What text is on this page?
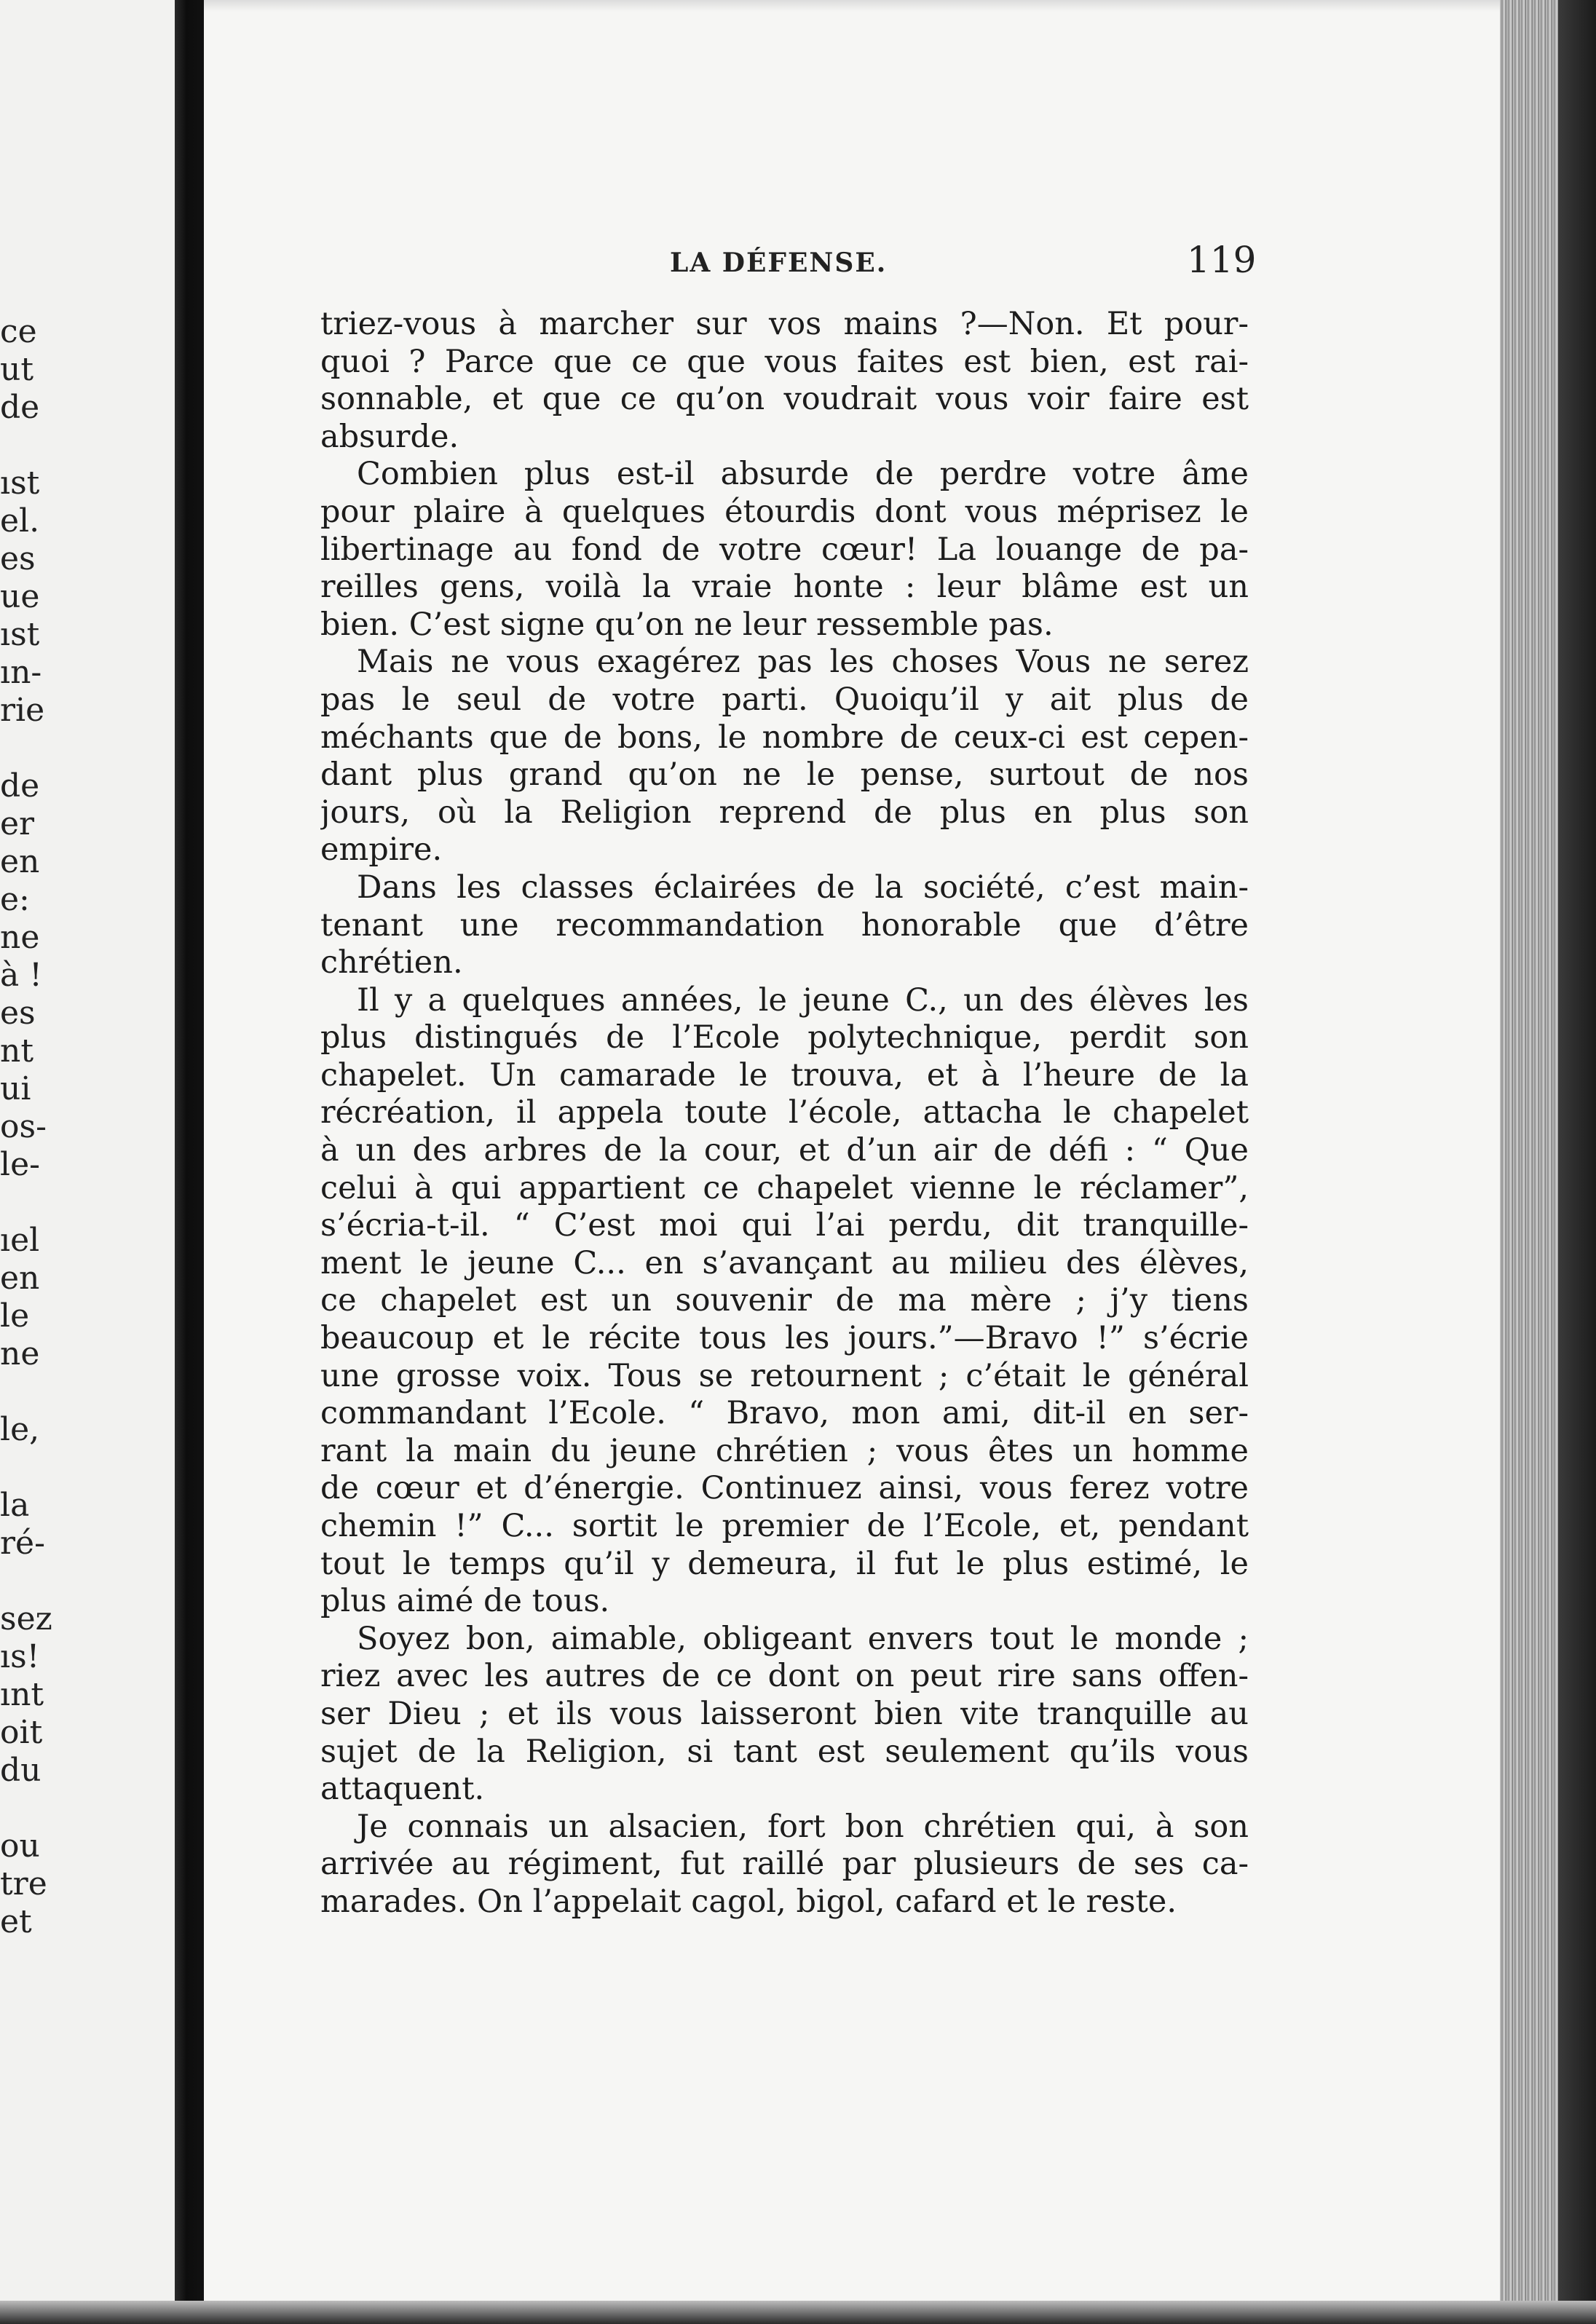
ce
ut
de
ıst
el.
es
ue
ıst
ın-
rie
de
er
en
e:
ne
à !
es
nt
ui
os-
le-
ıel
en
le
ne
le,
la
ré-
sez
ıs!
ınt
oit
du
ou
tre
et
LA DÉFENSE.	119
triez-vous à marcher sur vos mains ?—Non. Et pour-
quoi ? Parce que ce que vous faites est bien, est rai-
sonnable, et que ce qu’on voudrait vous voir faire est
absurde.
Combien plus est-il absurde de perdre votre âme
pour plaire à quelques étourdis dont vous méprisez le
libertinage au fond de votre cœur! La louange de pa-
reilles gens, voilà la vraie honte : leur blâme est un
bien. C’est signe qu’on ne leur ressemble pas.
Mais ne vous exagérez pas les choses Vous ne serez
pas le seul de votre parti. Quoiqu’il y ait plus de
méchants que de bons, le nombre de ceux-ci est cepen-
dant plus grand qu’on ne le pense, surtout de nos
jours, où la Religion reprend de plus en plus son
empire.
Dans les classes éclairées de la société, c’est main-
tenant une recommandation honorable que d’être
chrétien.
Il y a quelques années, le jeune C., un des élèves les
plus distingués de l’Ecole polytechnique, perdit son
chapelet. Un camarade le trouva, et à l’heure de la
récréation, il appela toute l’école, attacha le chapelet
à un des arbres de la cour, et d’un air de défi : “ Que
celui à qui appartient ce chapelet vienne le réclamer”,
s’écria-t-il. “ C’est moi qui l’ai perdu, dit tranquille-
ment le jeune C... en s’avançant au milieu des élèves,
ce chapelet est un souvenir de ma mère ; j’y tiens
beaucoup et le récite tous les jours.”—Bravo !” s’écrie
une grosse voix. Tous se retournent ; c’était le général
commandant l’Ecole. “ Bravo, mon ami, dit-il en ser-
rant la main du jeune chrétien ; vous êtes un homme
de cœur et d’énergie. Continuez ainsi, vous ferez votre
chemin !” C... sortit le premier de l’Ecole, et, pendant
tout le temps qu’il y demeura, il fut le plus estimé, le
plus aimé de tous.
Soyez bon, aimable, obligeant envers tout le monde ;
riez avec les autres de ce dont on peut rire sans offen-
ser Dieu ; et ils vous laisseront bien vite tranquille au
sujet de la Religion, si tant est seulement qu’ils vous
attaquent.
Je connais un alsacien, fort bon chrétien qui, à son
arrivée au régiment, fut raillé par plusieurs de ses ca-
marades. On l’appelait cagol, bigol, cafard et le reste.
